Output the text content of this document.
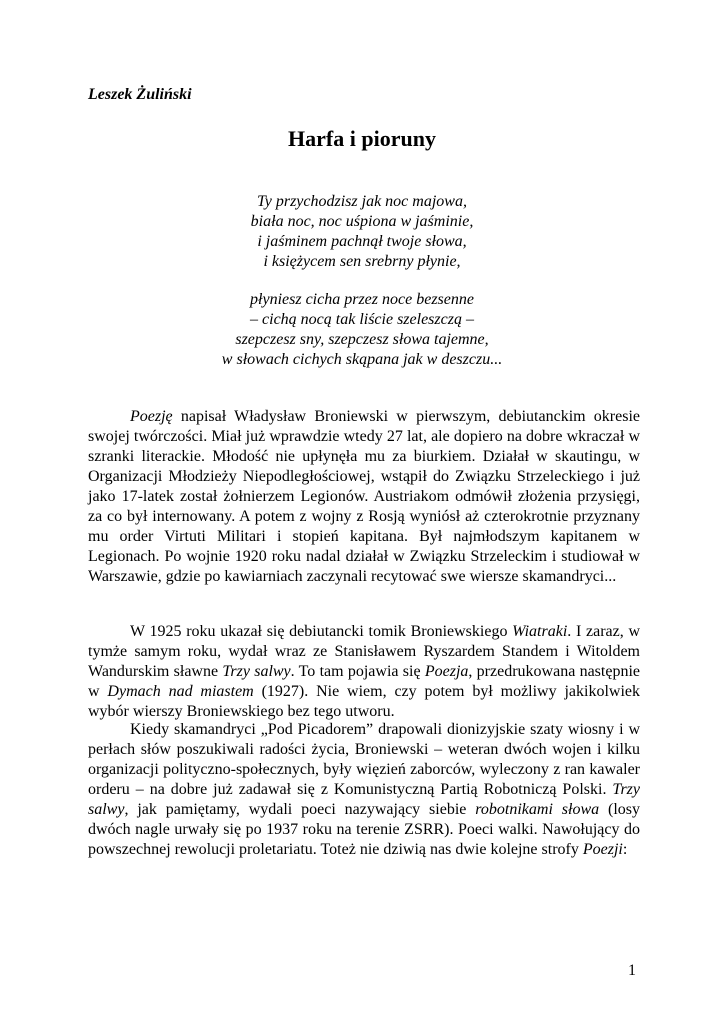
Leszek Żuliński
Harfa i pioruny
Ty przychodzisz jak noc majowa,
biała noc, noc uśpiona w jaśminie,
i jaśminem pachnął twoje słowa,
i księżycem sen srebrny płynie,
płyniesz cicha przez noce bezsenne
– cichą nocą tak liście szeleszczą –
szepczesz sny, szepczesz słowa tajemne,
w słowach cichych skąpana jak w deszczu...

Poezję napisał Władysław Broniewski w pierwszym, debiutanckim okresie swojej twórczości. Miał już wprawdzie wtedy 27 lat, ale dopiero na dobre wkraczał w szranki literackie. Młodość nie upłynęła mu za biurkiem. Działał w skautingu, w Organizacji Młodzieży Niepodległościowej, wstąpił do Związku Strzeleckiego i już jako 17-latek został żołnierzem Legionów. Austriakom odmówił złożenia przysięgi, za co był internowany. A potem z wojny z Rosją wyniósł aż czterokrotnie przyznany mu order Virtuti Militari i stopień kapitana. Był najmłodszym kapitanem w Legionach. Po wojnie 1920 roku nadal działał w Związku Strzeleckim i studiował w Warszawie, gdzie po kawiarniach zaczynali recytować swe wiersze skamandryci...

W 1925 roku ukazał się debiutancki tomik Broniewskiego Wiatraki. I zaraz, w tymże samym roku, wydał wraz ze Stanisławem Ryszardem Standem i Witoldem Wandurskim sławne Trzy salwy. To tam pojawia się Poezja, przedrukowana następnie w Dymach nad miastem (1927). Nie wiem, czy potem był możliwy jakikolwiek wybór wierszy Broniewskiego bez tego utworu.

Kiedy skamandryci „Pod Picadorem” drapowali dionizyjskie szaty wiosny i w perłach słów poszukiwali radości życia, Broniewski – weteran dwóch wojen i kilku organizacji polityczno-społecznych, były więzień zaborców, wyleczony z ran kawaler orderu – na dobre już zadawał się z Komunistyczną Partią Robotniczą Polski. Trzy salwy, jak pamiętamy, wydali poeci nazywający siebie robotnikami słowa (losy dwóch nagle urwały się po 1937 roku na terenie ZSRR). Poeci walki. Nawołujący do powszechnej rewolucji proletariatu. Toteż nie dziwią nas dwie kolejne strofy Poezji:

1
